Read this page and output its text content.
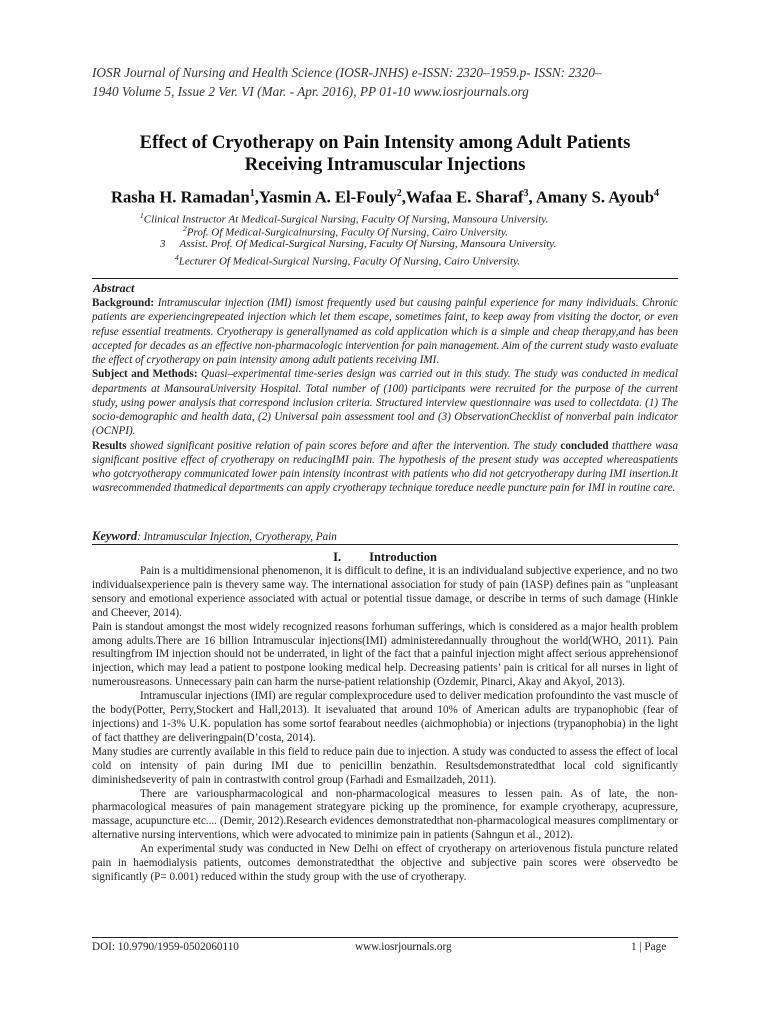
IOSR Journal of Nursing and Health Science (IOSR-JNHS) e-ISSN: 2320–1959.p- ISSN: 2320–
1940 Volume 5, Issue 2 Ver. VI (Mar. - Apr. 2016), PP 01-10 www.iosrjournals.org
Effect of Cryotherapy on Pain Intensity among Adult Patients
Receiving Intramuscular Injections
Rasha H. Ramadan$^1$,Yasmin A. El-Fouly$^2$,Wafaa E. Sharaf$^3$, Amany S. Ayoub$^4$
$^1$Clinical Instructor At Medical-Surgical Nursing, Faculty Of Nursing, Mansoura University.
$^2$Prof. Of Medical-Surgicalnursing, Faculty Of Nursing, Cairo University.
3 Assist. Prof. Of Medical-Surgical Nursing, Faculty Of Nursing, Mansoura University.
$^4$Lecturer Of Medical-Surgical Nursing, Faculty Of Nursing, Cairo University.
Abstract

Background: Intramuscular injection (IMI) ismost frequently used but causing painful experience for many individuals. Chronic patients are experiencingrepeated injection which let them escape, sometimes faint, to keep away from visiting the doctor, or even refuse essential treatments. Cryotherapy is generallynamed as cold application which is a simple and cheap therapy,and has been accepted for decades as an effective non-pharmacologic intervention for pain management. Aim of the current study wasto evaluate the effect of cryotherapy on pain intensity among adult patients receiving IMI.

Subject and Methods: Quasi–experimental time-series design was carried out in this study. The study was conducted in medical departments at MansouraUniversity Hospital. Total number of (100) participants were recruited for the purpose of the current study, using power analysis that correspond inclusion criteria. Structured interview questionnaire was used to collectdata. (1) The socio-demographic and health data, (2) Universal pain assessment tool and (3) ObservationChecklist of nonverbal pain indicator (OCNPI).

Results showed significant positive relation of pain scores before and after the intervention. The study concluded thatthere wasa significant positive effect of cryotherapy on reducingIMI pain. The hypothesis of the present study was accepted whereaspatients who gotcryotherapy communicated lower pain intensity incontrast with patients who did not getcryotherapy during IMI insertion.It wasrecommended thatmedical departments can apply cryotherapy technique toreduce needle puncture pain for IMI in routine care.

Keyword: Intramuscular Injection, Cryotherapy, Pain
I. Introduction

Pain is a multidimensional phenomenon, it is difficult to define, it is an individualand subjective experience, and no two individualsexperience pain is thevery same way. The international association for study of pain (IASP) defines pain as "unpleasant sensory and emotional experience associated with actual or potential tissue damage, or describe in terms of such damage (Hinkle and Cheever, 2014).

Pain is standout amongst the most widely recognized reasons forhuman sufferings, which is considered as a major health problem among adults.There are 16 billion Intramuscular injections(IMI) administeredannually throughout the world(WHO, 2011). Pain resultingfrom IM injection should not be underrated, in light of the fact that a painful injection might affect serious apprehensionof injection, which may lead a patient to postpone looking medical help. Decreasing patients’ pain is critical for all nurses in light of numerousreasons. Unnecessary pain can harm the nurse-patient relationship (Ozdemir, Pinarci, Akay and Akyol, 2013).

Intramuscular injections (IMI) are regular complexprocedure used to deliver medication profoundinto the vast muscle of the body(Potter, Perry,Stockert and Hall,2013). It isevaluated that around 10% of American adults are trypanophobic (fear of injections) and 1-3% U.K. population has some sortof fearabout needles (aichmophobia) or injections (trypanophobia) in the light of fact thatthey are deliveringpain(D’costa, 2014).

Many studies are currently available in this field to reduce pain due to injection. A study was conducted to assess the effect of local cold on intensity of pain during IMI due to penicillin benzathin. Resultsdemonstratedthat local cold significantly diminishedseverity of pain in contrastwith control group (Farhadi and Esmailzadeh, 2011).

There are variouspharmacological and non-pharmacological measures to lessen pain. As of late, the non-pharmacological measures of pain management strategyare picking up the prominence, for example cryotherapy, acupressure, massage, acupuncture etc.... (Demir, 2012).Research evidences demonstratedthat non-pharmacological measures complimentary or alternative nursing interventions, which were advocated to minimize pain in patients (Sahngun et al., 2012).

An experimental study was conducted in New Delhi on effect of cryotherapy on arteriovenous fistula puncture related pain in haemodialysis patients, outcomes demonstratedthat the objective and subjective pain scores were observedto be significantly (P= 0.001) reduced within the study group with the use of cryotherapy.

DOI: 10.9790/1959-0502060110	www.iosrjournals.org	1 | Page
